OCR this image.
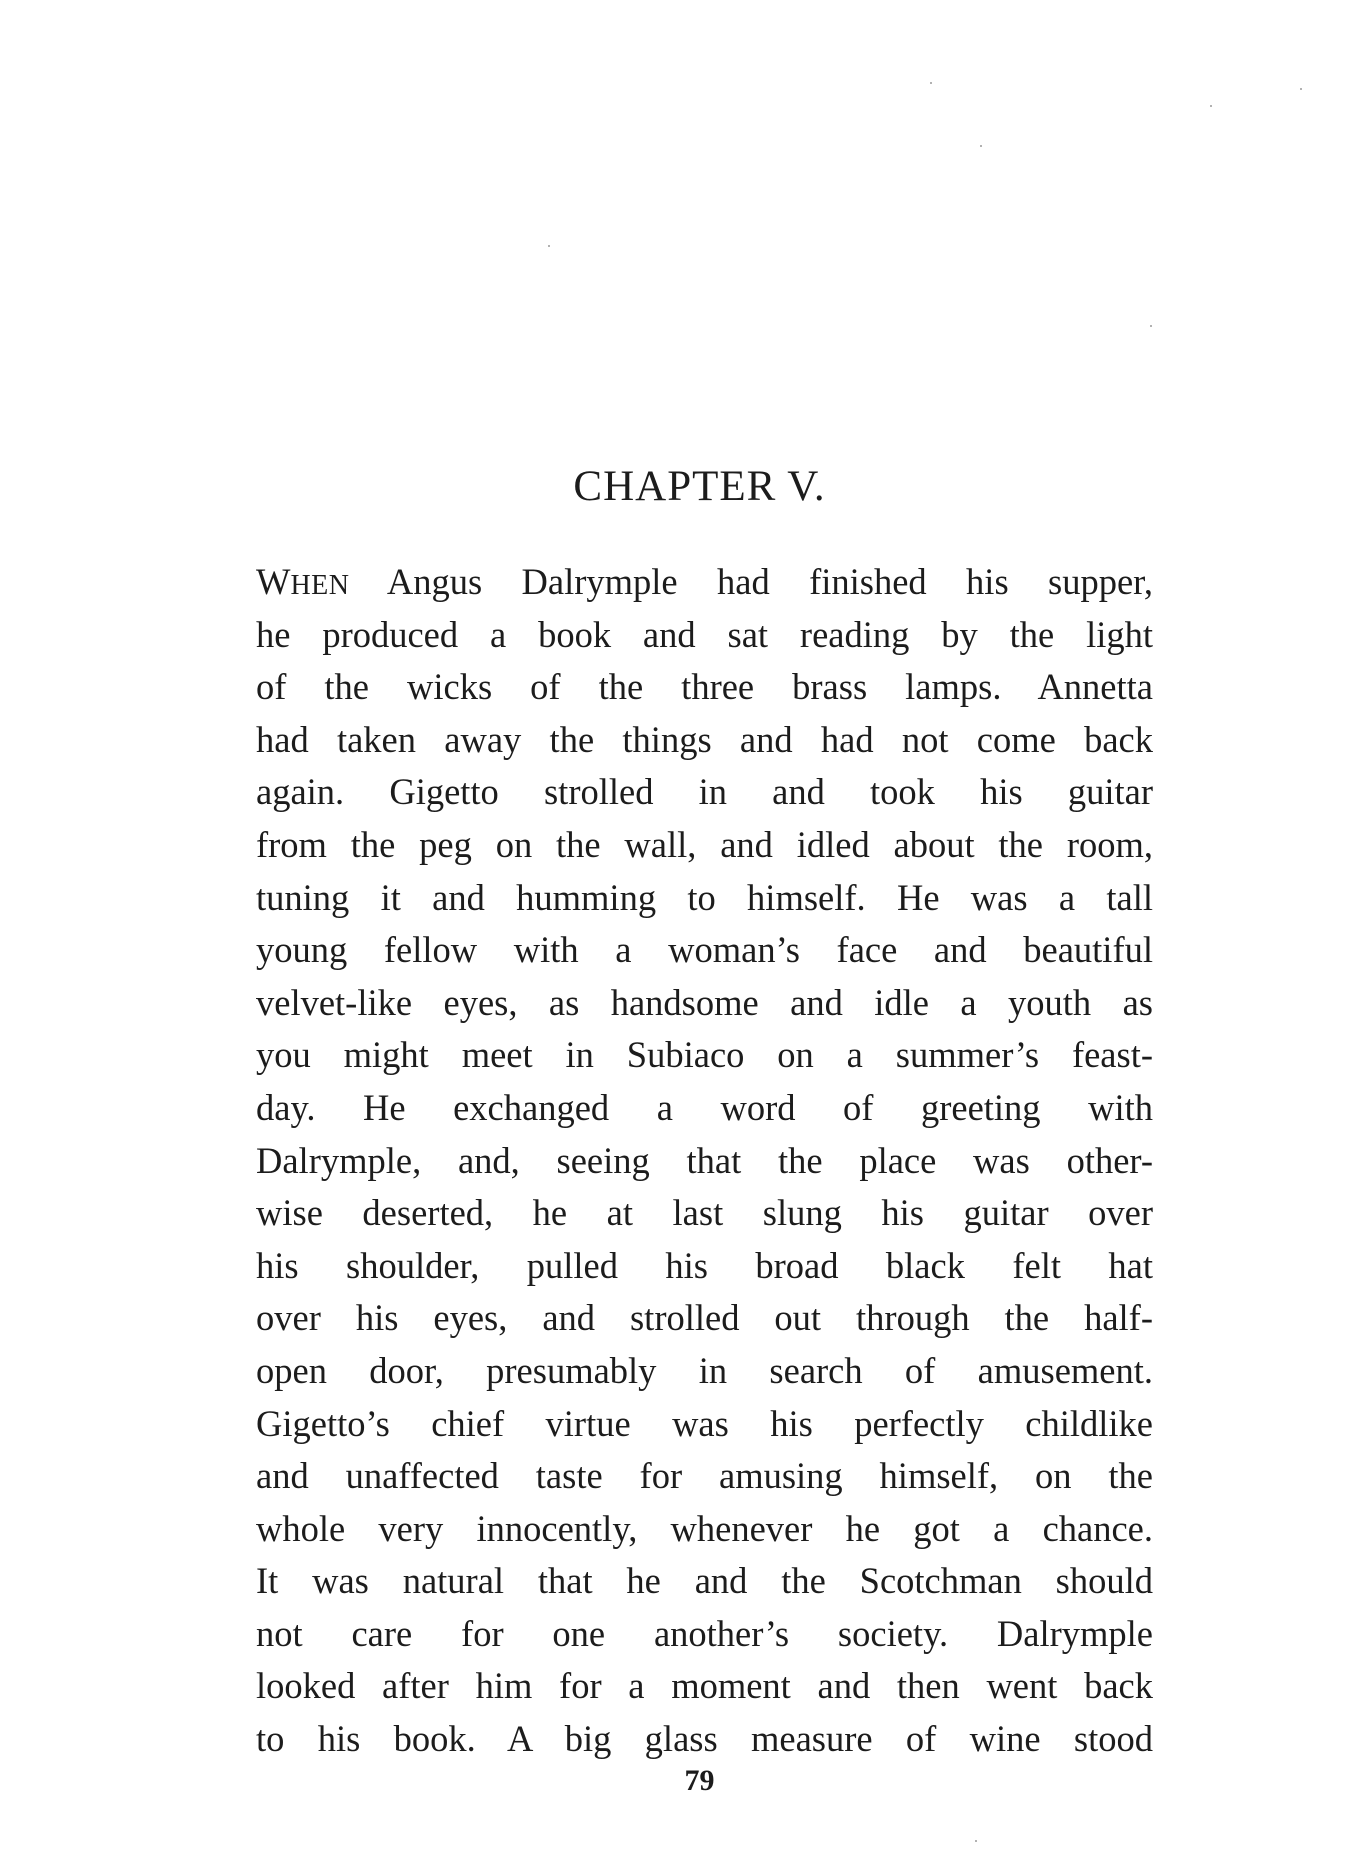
CHAPTER V.
WHEN Angus Dalrymple had finished his supper,
he produced a book and sat reading by the light
of the wicks of the three brass lamps. Annetta
had taken away the things and had not come back
again. Gigetto strolled in and took his guitar
from the peg on the wall, and idled about the room,
tuning it and humming to himself. He was a tall
young fellow with a woman’s face and beautiful
velvet-like eyes, as handsome and idle a youth as
you might meet in Subiaco on a summer’s feast-
day. He exchanged a word of greeting with
Dalrymple, and, seeing that the place was other-
wise deserted, he at last slung his guitar over
his shoulder, pulled his broad black felt hat
over his eyes, and strolled out through the half-
open door, presumably in search of amusement.
Gigetto’s chief virtue was his perfectly childlike
and unaffected taste for amusing himself, on the
whole very innocently, whenever he got a chance.
It was natural that he and the Scotchman should
not care for one another’s society. Dalrymple
looked after him for a moment and then went back
to his book. A big glass measure of wine stood
79
